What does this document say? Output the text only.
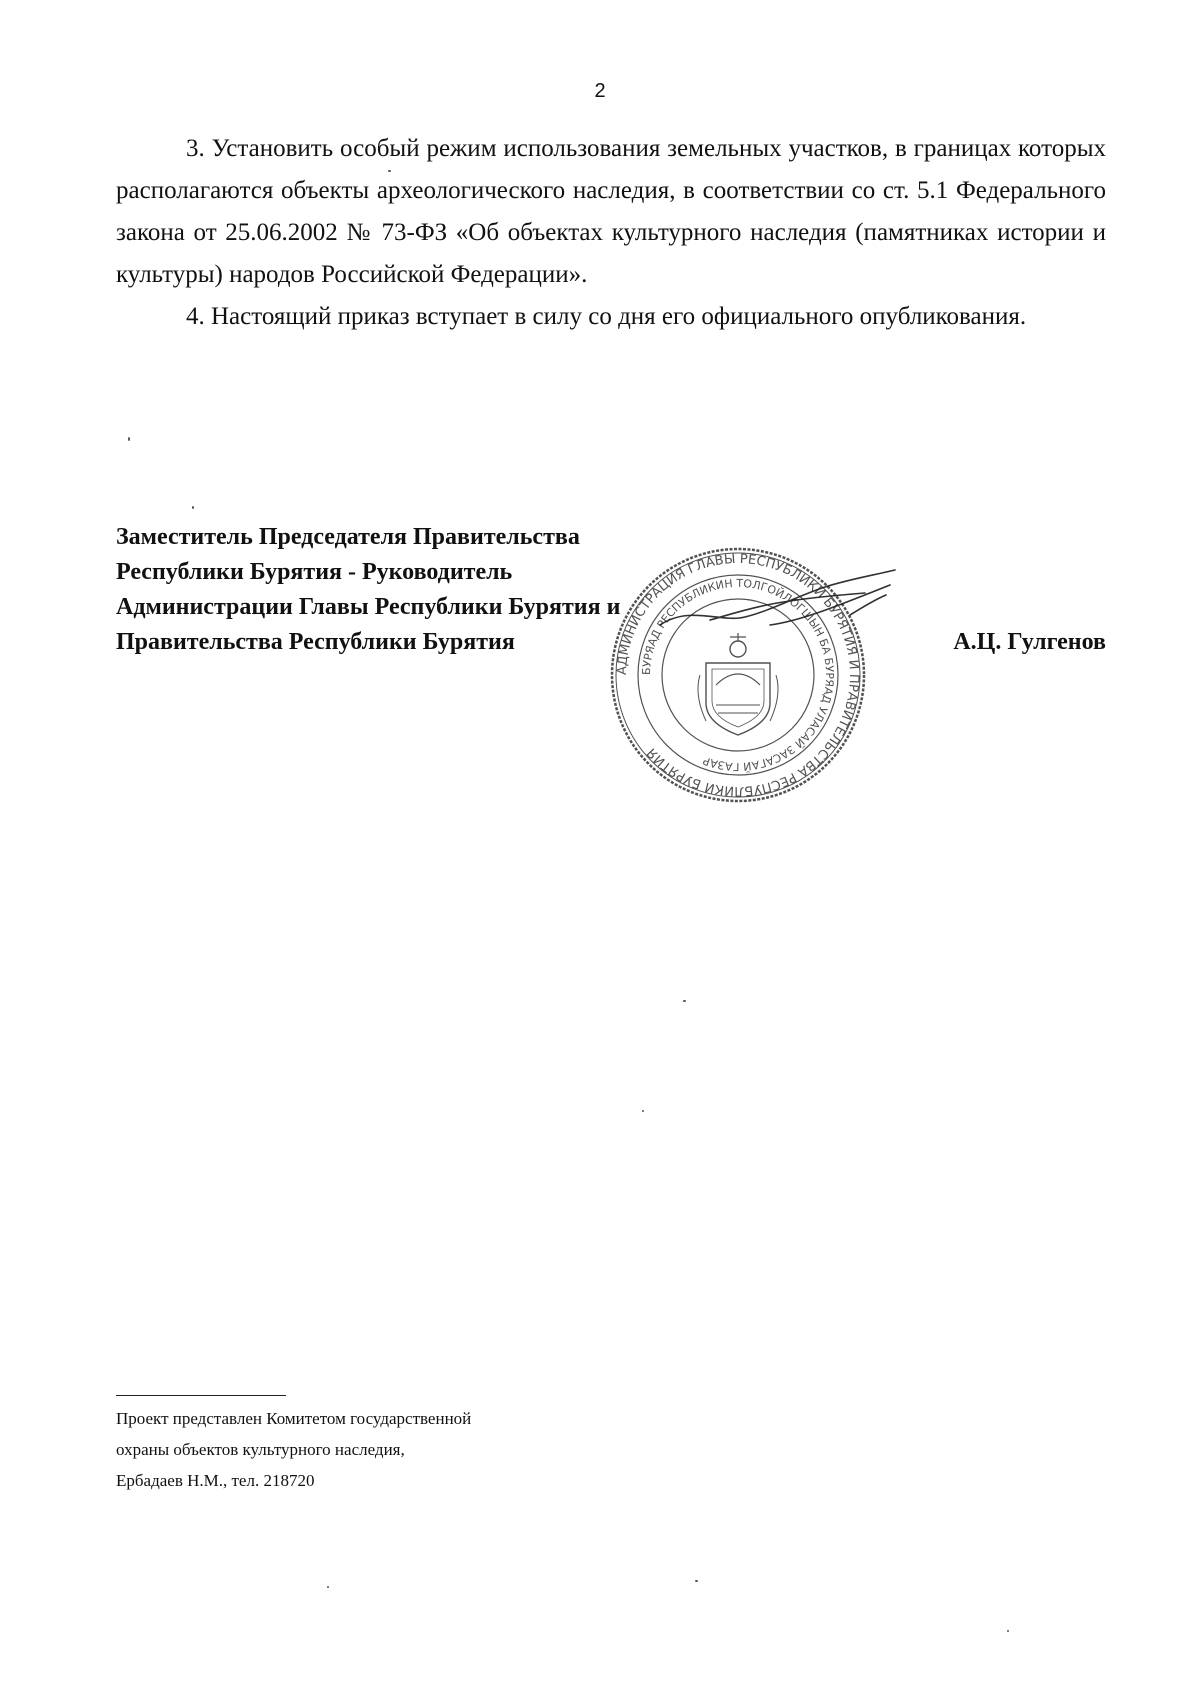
2

3. Установить особый режим использования земельных участков, в границах которых располагаются объекты археологического наследия, в соответствии со ст. 5.1 Федерального закона от 25.06.2002 № 73-ФЗ «Об объектах культурного наследия (памятниках истории и культуры) народов Российской Федерации».

4. Настоящий приказ вступает в силу со дня его официального опубликования.

Заместитель Председателя Правительства
Республики Бурятия - Руководитель
Администрации Главы Республики Бурятия и
Правительства Республики Бурятия	А.Ц. Гулгенов
АДМИНИСТРАЦИЯ ГЛАВЫ РЕСПУБЛИКИ БУРЯТИЯ И ПРАВИТЕЛЬСТВА РЕСПУБЛИКИ БУРЯТИЯ
БУРЯАД РЕСПУБЛИКИН ТОЛГОЙЛОГШЫН БА БУРЯАД УЛАСАЙ ЗАСАГАЙ ГАЗАР
Проект представлен Комитетом государственной
охраны объектов культурного наследия,
Ербадаев Н.М., тел. 218720
